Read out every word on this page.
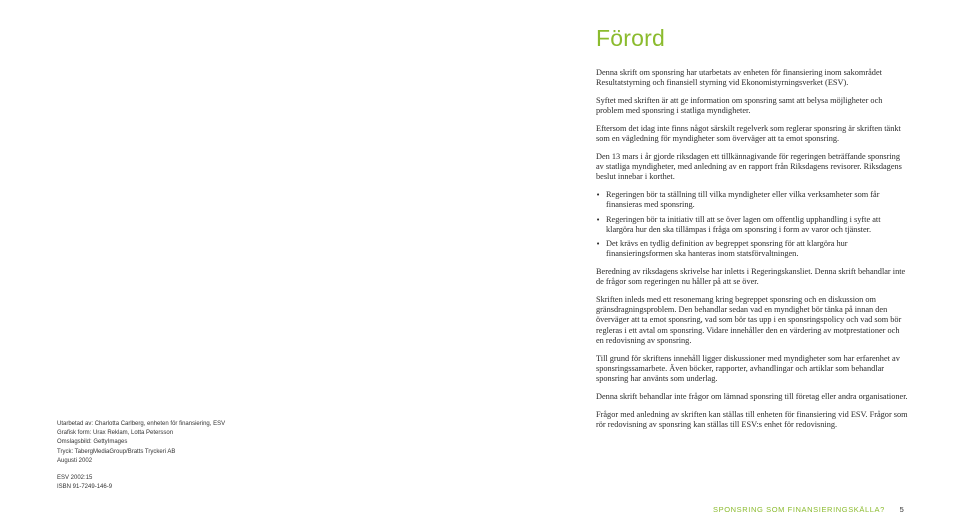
Utarbetad av: Charlotta Carlberg, enheten för finansiering, ESV
Grafisk form: Urax Reklam, Lotta Petersson
Omslagsbild: GettyImages
Tryck: TabergMediaGroup/Bratts Tryckeri AB
Augusti 2002
ESV 2002:15
ISBN 91-7249-146-9
Förord

Denna skrift om sponsring har utarbetats av enheten för finansiering inom sakområdet Resultatstyrning och finansiell styrning vid Ekonomistyrningsverket (ESV).

Syftet med skriften är att ge information om sponsring samt att belysa möjligheter och problem med sponsring i statliga myndigheter.

Eftersom det idag inte finns något särskilt regelverk som reglerar sponsring är skriften tänkt som en vägledning för myndigheter som överväger att ta emot sponsring.

Den 13 mars i år gjorde riksdagen ett tillkännagivande för regeringen beträffande sponsring av statliga myndigheter, med anledning av en rapport från Riksdagens revisorer. Riksdagens beslut innebar i korthet.

• Regeringen bör ta ställning till vilka myndigheter eller vilka verksamheter som får finansieras med sponsring.
• Regeringen bör ta initiativ till att se över lagen om offentlig upphandling i syfte att klargöra hur den ska tillämpas i fråga om sponsring i form av varor och tjänster.
• Det krävs en tydlig definition av begreppet sponsring för att klargöra hur finansieringsformen ska hanteras inom statsförvaltningen.

Beredning av riksdagens skrivelse har inletts i Regeringskansliet. Denna skrift behandlar inte de frågor som regeringen nu håller på att se över.

Skriften inleds med ett resonemang kring begreppet sponsring och en diskussion om gränsdragningsproblem. Den behandlar sedan vad en myndighet bör tänka på innan den överväger att ta emot sponsring, vad som bör tas upp i en sponsringspolicy och vad som bör regleras i ett avtal om sponsring. Vidare innehåller den en värdering av motprestationer och en redovisning av sponsring.

Till grund för skriftens innehåll ligger diskussioner med myndigheter som har erfarenhet av sponsringssamarbete. Även böcker, rapporter, avhandlingar och artiklar som behandlar sponsring har använts som underlag.

Denna skrift behandlar inte frågor om lämnad sponsring till företag eller andra organisationer.

Frågor med anledning av skriften kan ställas till enheten för finansiering vid ESV. Frågor som rör redovisning av sponsring kan ställas till ESV:s enhet för redovisning.

SPONSRING SOM FINANSIERINGSKÄLLA? 5
